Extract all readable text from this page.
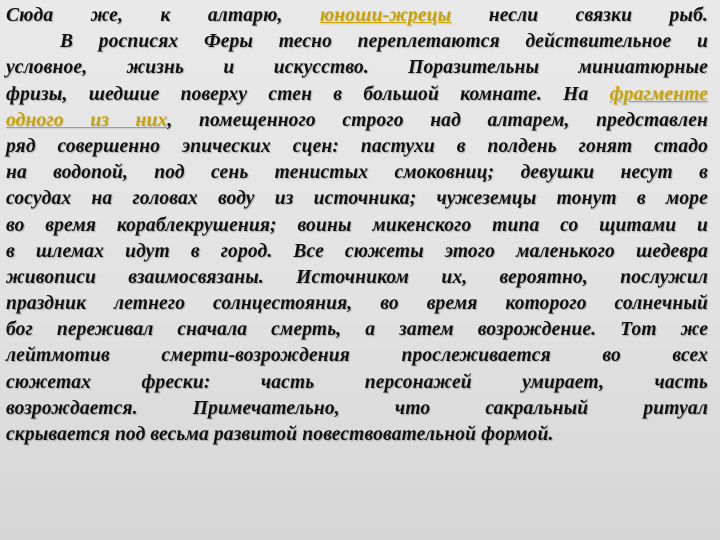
Сюда же, к алтарю, юноши-жрецы несли связки рыб.
В росписях Феры тесно переплетаются действительное и
условное, жизнь и искусство. Поразительны миниатюрные
фризы, шедшие поверху стен в большой комнате. На фрагменте
одного из них, помещенного строго над алтарем, представлен
ряд совершенно эпических сцен: пастухи в полдень гонят стадо
на водопой, под сень тенистых смоковниц; девушки несут в
сосудах на головах воду из источника; чужеземцы тонут в море
во время кораблекрушения; воины микенского типа со щитами и
в шлемах идут в город. Все сюжеты этого маленького шедевра
живописи взаимосвязаны. Источником их, вероятно, послужил
праздник летнего солнцестояния, во время которого солнечный
бог переживал сначала смерть, а затем возрождение. Тот же
лейтмотив смерти-возрождения прослеживается во всех
сюжетах фрески: часть персонажей умирает, часть
возрождается. Примечательно, что сакральный ритуал
скрывается под весьма развитой повествовательной формой.
